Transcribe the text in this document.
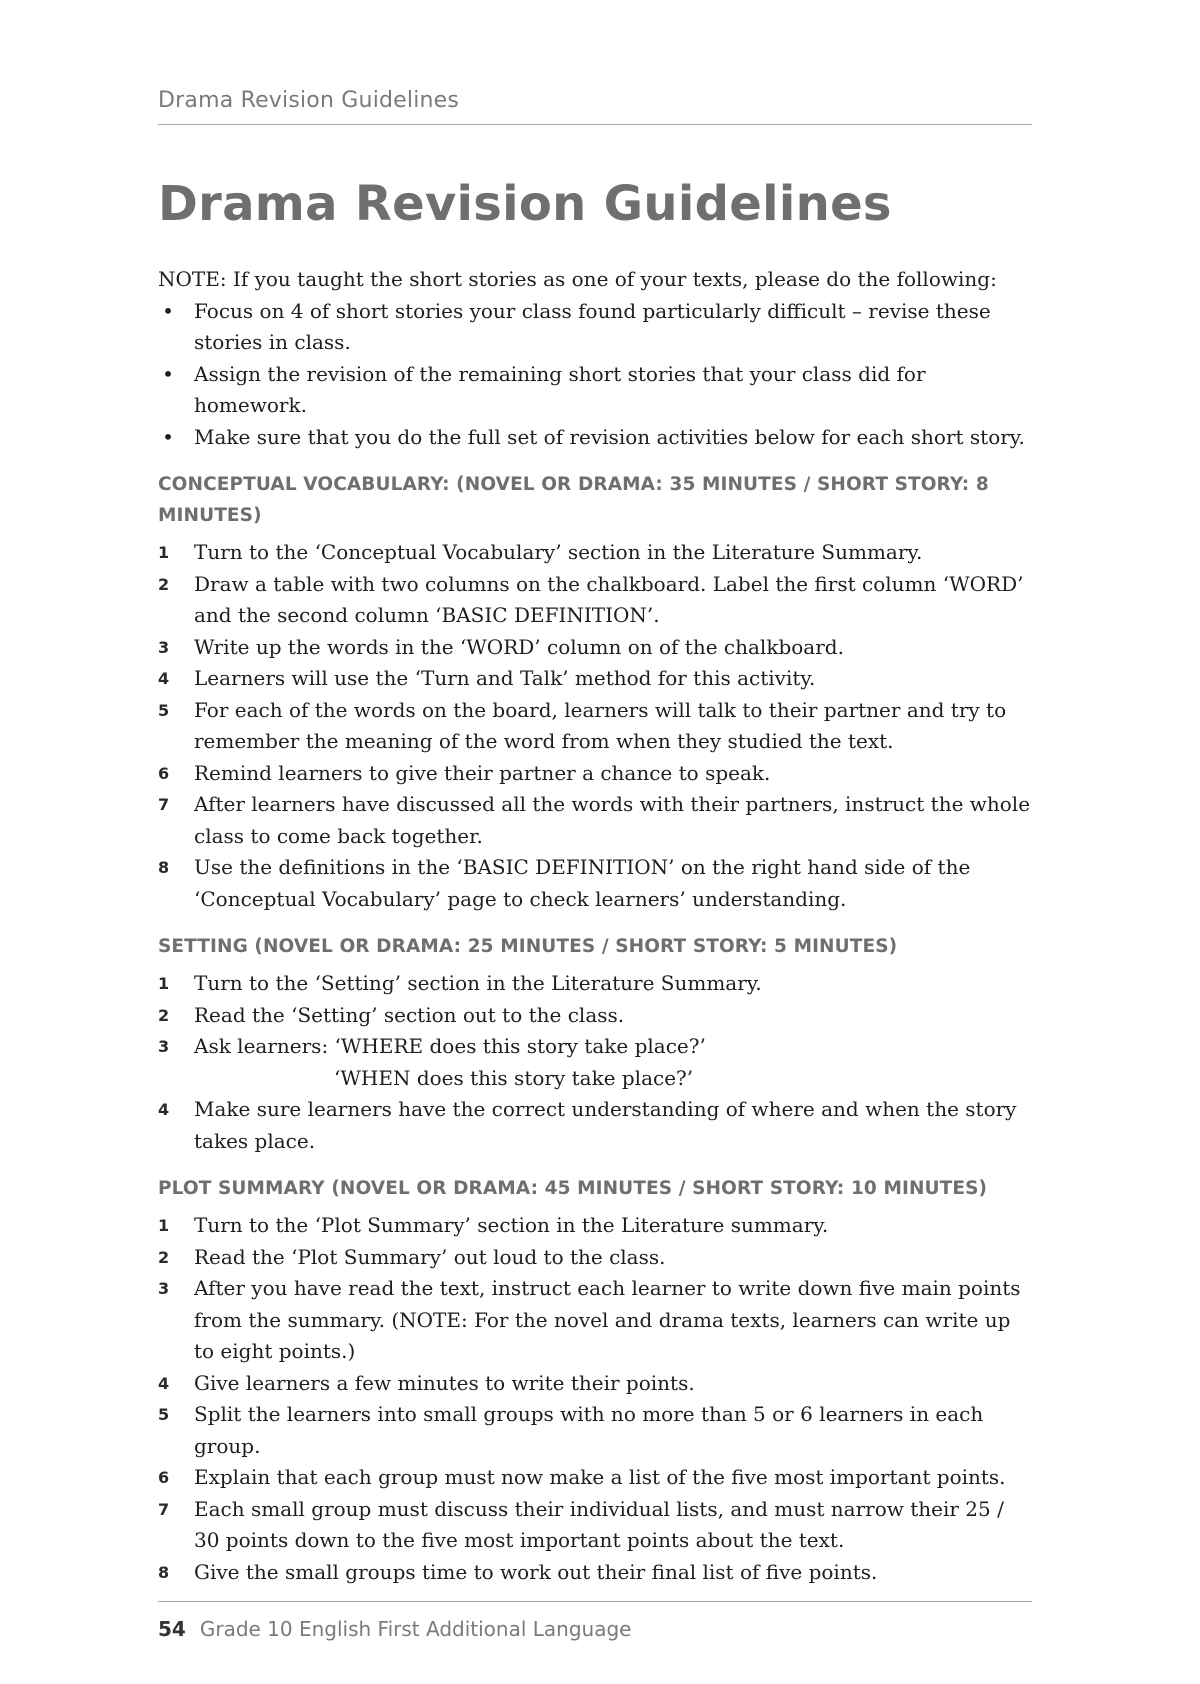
Drama Revision Guidelines
Drama Revision Guidelines

NOTE: If you taught the short stories as one of your texts, please do the following:

• Focus on 4 of short stories your class found particularly difficult – revise these stories in class.
• Assign the revision of the remaining short stories that your class did for homework.
• Make sure that you do the full set of revision activities below for each short story.
CONCEPTUAL VOCABULARY: (NOVEL OR DRAMA: 35 MINUTES / SHORT STORY: 8 MINUTES)
1 Turn to the ‘Conceptual Vocabulary’ section in the Literature Summary.
2 Draw a table with two columns on the chalkboard. Label the first column ‘WORD’ and the second column ‘BASIC DEFINITION’.
3 Write up the words in the ‘WORD’ column on of the chalkboard.
4 Learners will use the ‘Turn and Talk’ method for this activity.
5 For each of the words on the board, learners will talk to their partner and try to remember the meaning of the word from when they studied the text.
6 Remind learners to give their partner a chance to speak.
7 After learners have discussed all the words with their partners, instruct the whole class to come back together.
8 Use the definitions in the ‘BASIC DEFINITION’ on the right hand side of the ‘Conceptual Vocabulary’ page to check learners’ understanding.
SETTING (NOVEL OR DRAMA: 25 MINUTES / SHORT STORY: 5 MINUTES)
1 Turn to the ‘Setting’ section in the Literature Summary.
2 Read the ‘Setting’ section out to the class.
3 Ask learners: ‘WHERE does this story take place?’
‘WHEN does this story take place?’
4 Make sure learners have the correct understanding of where and when the story takes place.
PLOT SUMMARY (NOVEL OR DRAMA: 45 MINUTES / SHORT STORY: 10 MINUTES)
1 Turn to the ‘Plot Summary’ section in the Literature summary.
2 Read the ‘Plot Summary’ out loud to the class.
3 After you have read the text, instruct each learner to write down five main points from the summary. (NOTE: For the novel and drama texts, learners can write up to eight points.)
4 Give learners a few minutes to write their points.
5 Split the learners into small groups with no more than 5 or 6 learners in each group.
6 Explain that each group must now make a list of the five most important points.
7 Each small group must discuss their individual lists, and must narrow their 25 / 30 points down to the five most important points about the text.
8 Give the small groups time to work out their final list of five points.
54 Grade 10 English First Additional Language
